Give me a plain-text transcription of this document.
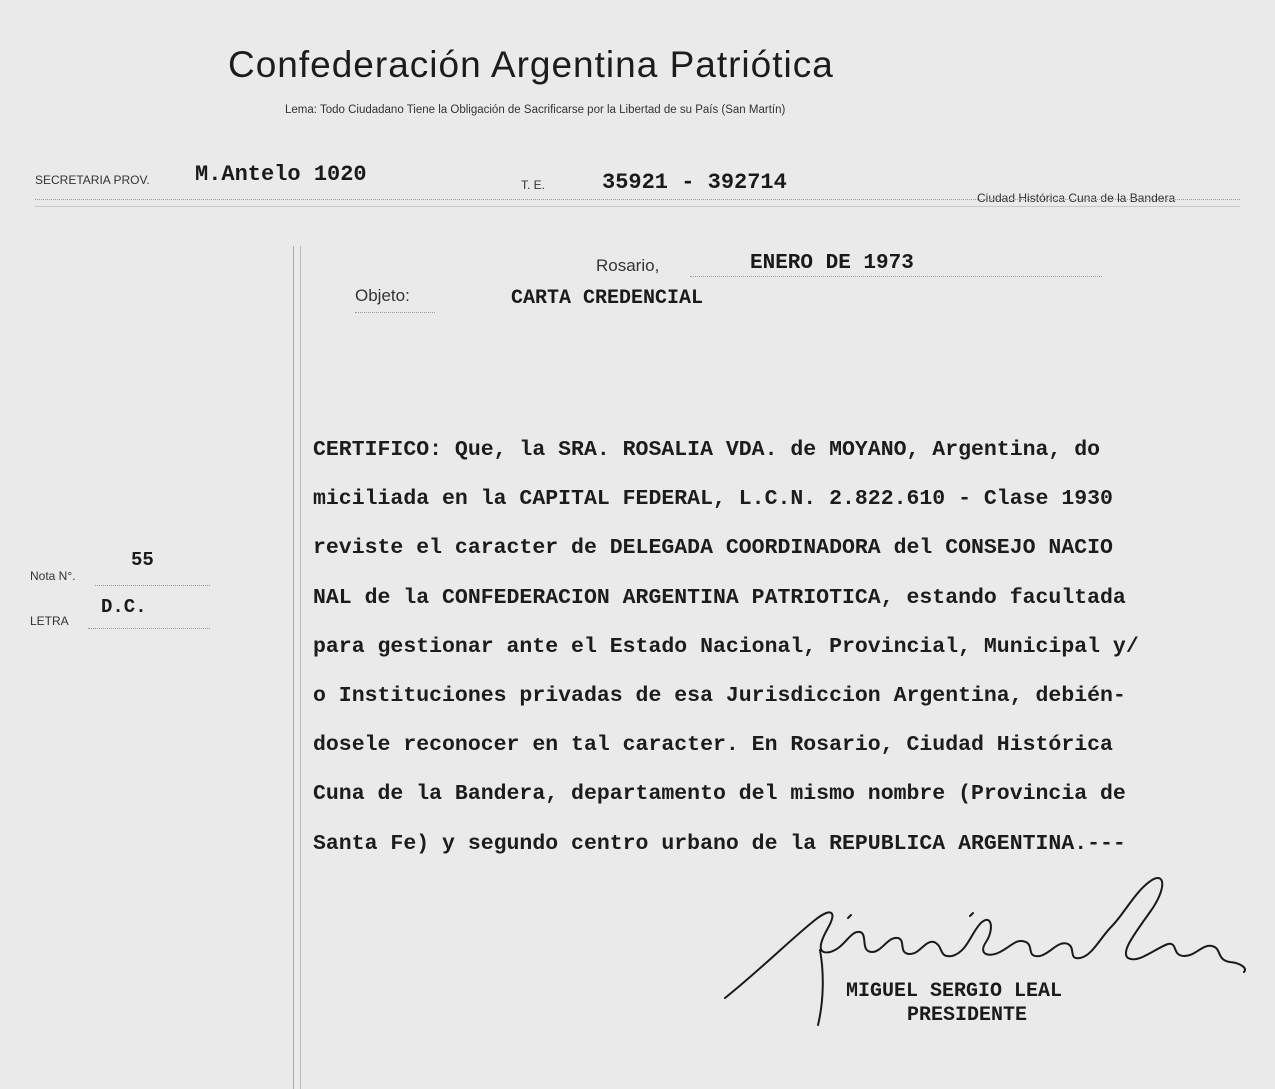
Confederación Argentina Patriótica
Lema: Todo Ciudadano Tiene la Obligación de Sacrificarse por la Libertad de su País (San Martín)
SECRETARIA PROV. M.Antelo 1020	T. E.	35921 - 392714
Ciudad Histórica Cuna de la Bandera
Rosario,	ENERO DE 1973
Objeto:	CARTA CREDENCIAL
Nota N°.
55
LETRA
D.C.
CERTIFICO: Que, la SRA. ROSALIA VDA. de MOYANO, Argentina, do
miciliada en la CAPITAL FEDERAL, L.C.N. 2.822.610 - Clase 1930
reviste el caracter de DELEGADA COORDINADORA del CONSEJO NACIO
NAL de la CONFEDERACION ARGENTINA PATRIOTICA, estando facultada
para gestionar ante el Estado Nacional, Provincial, Municipal y/
o Instituciones privadas de esa Jurisdiccion Argentina, debién-
dosele reconocer en tal caracter. En Rosario, Ciudad Histórica
Cuna de la Bandera, departamento del mismo nombre (Provincia de
Santa Fe) y segundo centro urbano de la REPUBLICA ARGENTINA.---
MIGUEL SERGIO LEAL
PRESIDENTE
